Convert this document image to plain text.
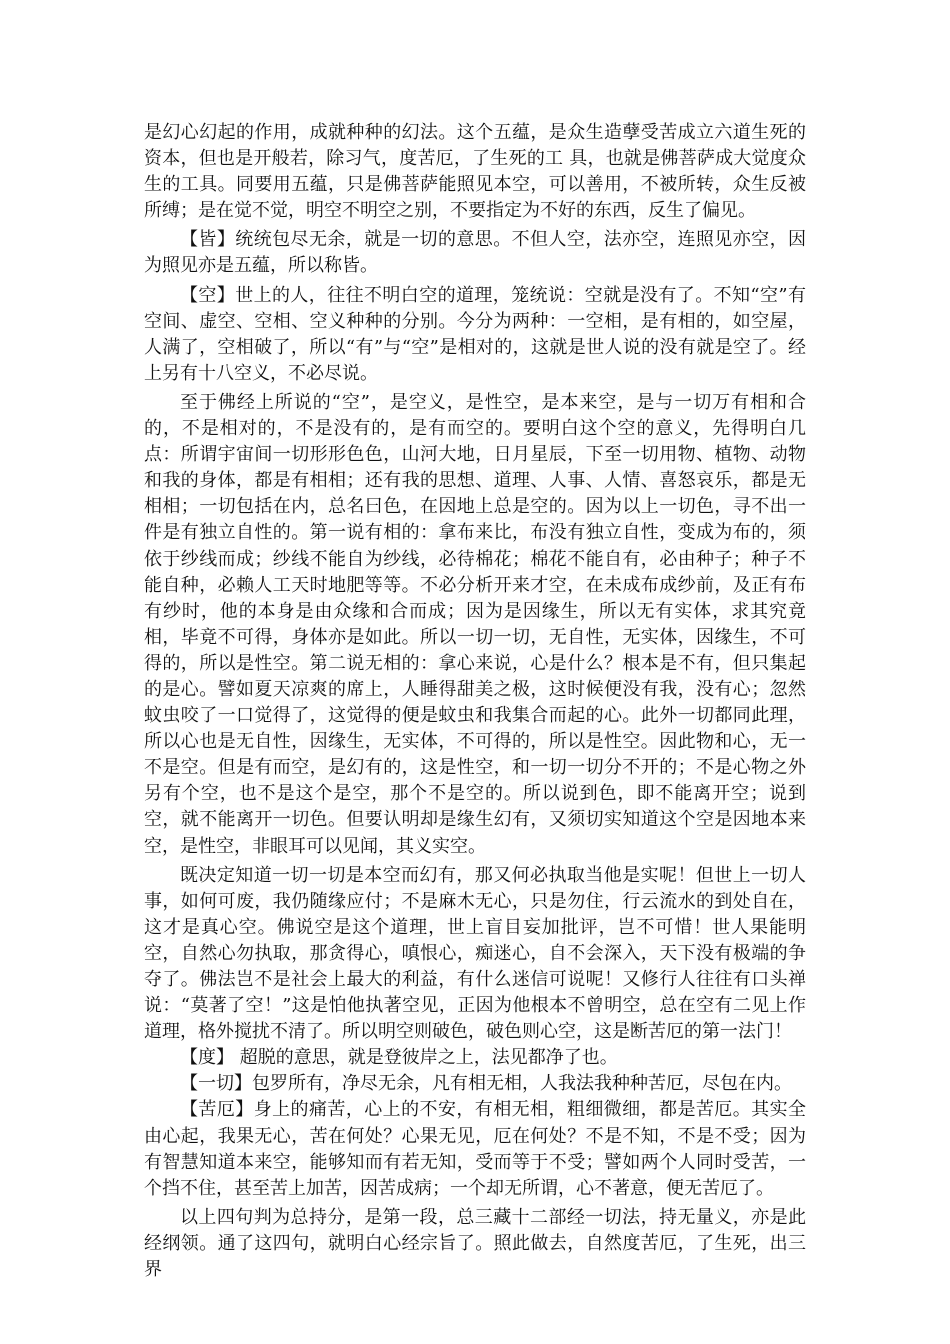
是幻心幻起的作用，成就种种的幻法。这个五蕴，是众生造孽受苦成立六道生死的资本，但也是开般若，除习气，度苦厄，了生死的工 具，也就是佛菩萨成大觉度众生的工具。同要用五蕴，只是佛菩萨能照见本空，可以善用，不被所转，众生反被所缚；是在觉不觉，明空不明空之别，不要指定为不好的东西，反生了偏见。

【皆】统统包尽无余，就是一切的意思。不但人空，法亦空，连照见亦空，因为照见亦是五蕴，所以称皆。

【空】世上的人，往往不明白空的道理，笼统说：空就是没有了。不知“空”有空间、虚空、空相、空义种种的分别。今分为两种：一空相，是有相的，如空屋，人满了，空相破了，所以“有”与“空”是相对的，这就是世人说的没有就是空了。经上另有十八空义，不必尽说。

至于佛经上所说的“空”，是空义，是性空，是本来空，是与一切万有相和合的，不是相对的，不是没有的，是有而空的。要明白这个空的意义，先得明白几点：所谓宇宙间一切形形色色，山河大地，日月星辰，下至一切用物、植物、动物和我的身体，都是有相相；还有我的思想、道理、人事、人情、喜怒哀乐，都是无相相；一切包括在内，总名曰色，在因地上总是空的。因为以上一切色，寻不出一件是有独立自性的。第一说有相的：拿布来比，布没有独立自性，变成为布的，须依于纱线而成；纱线不能自为纱线，必待棉花；棉花不能自有，必由种子；种子不能自种，必赖人工天时地肥等等。不必分析开来才空，在未成布成纱前，及正有布有纱时，他的本身是由众缘和合而成；因为是因缘生，所以无有实体，求其究竟相，毕竟不可得，身体亦是如此。所以一切一切，无自性，无实体，因缘生，不可得的，所以是性空。第二说无相的：拿心来说，心是什么？根本是不有，但只集起的是心。譬如夏天凉爽的席上，人睡得甜美之极，这时候便没有我，没有心；忽然蚊虫咬了一口觉得了，这觉得的便是蚊虫和我集合而起的心。此外一切都同此理，所以心也是无自性，因缘生，无实体，不可得的，所以是性空。因此物和心，无一不是空。但是有而空，是幻有的，这是性空，和一切一切分不开的；不是心物之外另有个空，也不是这个是空，那个不是空的。所以说到色，即不能离开空；说到空，就不能离开一切色。但要认明却是缘生幻有，又须切实知道这个空是因地本来空，是性空，非眼耳可以见闻，其义实空。

既决定知道一切一切是本空而幻有，那又何必执取当他是实呢！但世上一切人事，如何可废，我仍随缘应付；不是麻木无心，只是勿住，行云流水的到处自在，这才是真心空。佛说空是这个道理，世上盲目妄加批评，岂不可惜！世人果能明空，自然心勿执取，那贪得心，嗔恨心，痴迷心，自不会深入，天下没有极端的争夺了。佛法岂不是社会上最大的利益，有什么迷信可说呢！又修行人往往有口头禅说：“莫著了空！”这是怕他执著空见，正因为他根本不曾明空，总在空有二见上作道理，格外搅扰不清了。所以明空则破色，破色则心空，这是断苦厄的第一法门！

【度】 超脱的意思，就是登彼岸之上，法见都净了也。

【一切】包罗所有，净尽无余，凡有相无相，人我法我种种苦厄，尽包在内。

【苦厄】身上的痛苦，心上的不安，有相无相，粗细微细，都是苦厄。其实全由心起，我果无心，苦在何处？心果无见，厄在何处？不是不知，不是不受；因为有智慧知道本来空，能够知而有若无知，受而等于不受；譬如两个人同时受苦，一个挡不住，甚至苦上加苦，因苦成病；一个却无所谓，心不著意，便无苦厄了。

以上四句判为总持分，是第一段，总三藏十二部经一切法，持无量义，亦是此经纲领。通了这四句，就明白心经宗旨了。照此做去，自然度苦厄，了生死，出三界
